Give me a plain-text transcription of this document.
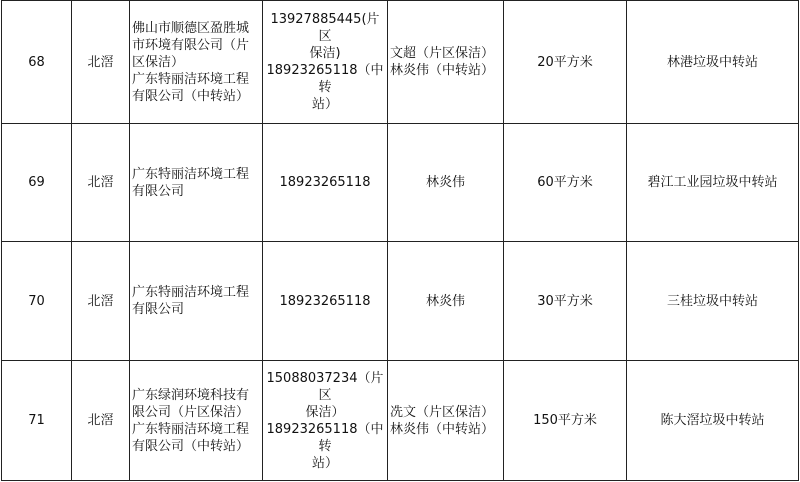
68	北滘	佛山市顺德区盈胜城
市环境有限公司（片
区保洁）
广东特丽洁环境工程
有限公司（中转站）	13927885445(片区
保洁)
18923265118（中转
站）	文超（片区保洁）
林炎伟（中转站）	20平方米	林港垃圾中转站
69	北滘	广东特丽洁环境工程
有限公司	18923265118	林炎伟	60平方米	碧江工业园垃圾中转站
70	北滘	广东特丽洁环境工程
有限公司	18923265118	林炎伟	30平方米	三桂垃圾中转站
71	北滘	广东绿润环境科技有
限公司（片区保洁）
广东特丽洁环境工程
有限公司（中转站）	15088037234（片区
保洁）
18923265118（中转
站）	冼文（片区保洁）
林炎伟（中转站）	150平方米	陈大滘垃圾中转站
